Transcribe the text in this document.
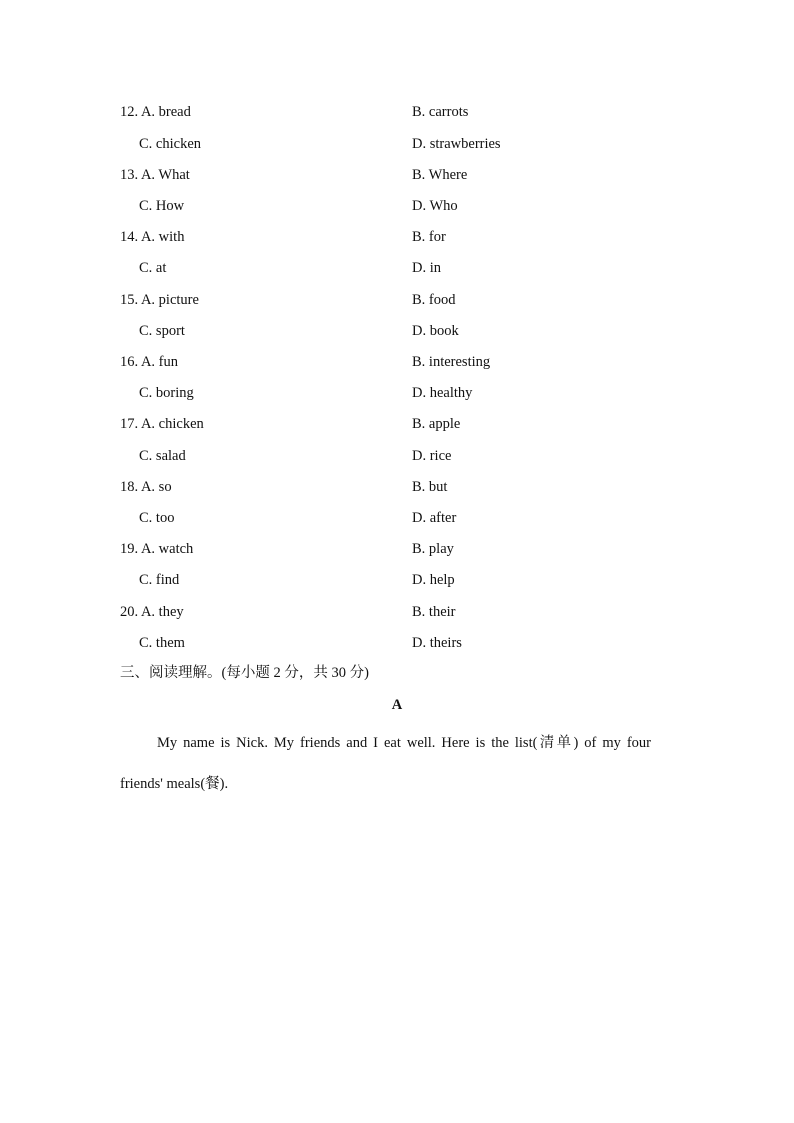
12. A. bread	B. carrots
C. chicken	D. strawberries
13. A. What	B. Where
C. How	D. Who
14. A. with	B. for
C. at	D. in
15. A. picture	B. food
C. sport	D. book
16. A. fun	B. interesting
C. boring	D. healthy
17. A. chicken	B. apple
C. salad	D. rice
18. A. so	B. but
C. too	D. after
19. A. watch	B. play
C. find	D. help
20. A. they	B. their
C. them	D. theirs
三、阅读理解。(每小题 2 分，共 30 分)
A
My name is Nick. My friends and I eat well. Here is the list(清单) of my four
friends' meals(餐).
